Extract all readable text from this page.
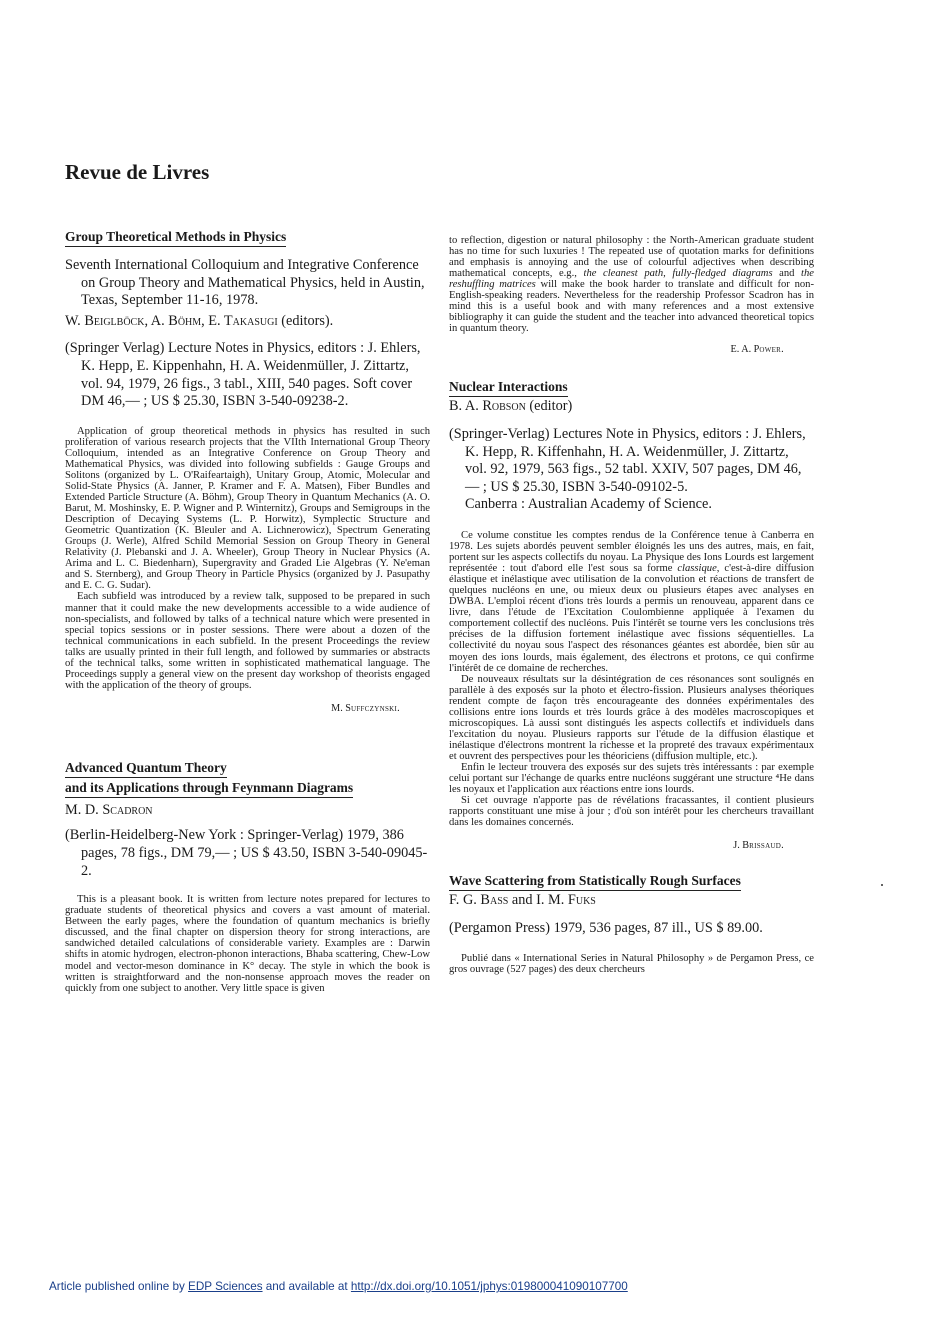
Revue de Livres
Group Theoretical Methods in Physics

Seventh International Colloquium and Integrative Conference on Group Theory and Mathematical Physics, held in Austin, Texas, September 11-16, 1978.

W. Beiglböck, A. Böhm, E. Takasugi (editors).

(Springer Verlag) Lecture Notes in Physics, editors : J. Ehlers, K. Hepp, E. Kippenhahn, H. A. Weidenmüller, J. Zittartz, vol. 94, 1979, 26 figs., 3 tabl., XIII, 540 pages. Soft cover DM 46,— ; US $ 25.30, ISBN 3-540-09238-2.

Application of group theoretical methods in physics has resulted in such proliferation of various research projects that the VIIth International Group Theory Colloquium, intended as an Integrative Conference on Group Theory and Mathematical Physics, was divided into following subfields : Gauge Groups and Solitons (organized by L. O'Raifeartaigh), Unitary Group, Atomic, Molecular and Solid-State Physics (A. Janner, P. Kramer and F. A. Matsen), Fiber Bundles and Extended Particle Structure (A. Böhm), Group Theory in Quantum Mechanics (A. O. Barut, M. Moshinsky, E. P. Wigner and P. Winternitz), Groups and Semigroups in the Description of Decaying Systems (L. P. Horwitz), Symplectic Structure and Geometric Quantization (K. Bleuler and A. Lichnerowicz), Spectrum Generating Groups (J. Werle), Alfred Schild Memorial Session on Group Theory in General Relativity (J. Plebanski and J. A. Wheeler), Group Theory in Nuclear Physics (A. Arima and L. C. Biedenharn), Supergravity and Graded Lie Algebras (Y. Ne'eman and S. Sternberg), and Group Theory in Particle Physics (organized by J. Pasupathy and E. C. G. Sudar).

Each subfield was introduced by a review talk, supposed to be prepared in such manner that it could make the new developments accessible to a wide audience of non-specialists, and followed by talks of a technical nature which were presented in special topics sessions or in poster sessions. There were about a dozen of the technical communications in each subfield. In the present Proceedings the review talks are usually printed in their full length, and followed by summaries or abstracts of the technical talks, some written in sophisticated mathematical language. The Proceedings supply a general view on the present day workshop of theorists engaged with the application of the theory of groups.

M. Suffczynski.

Advanced Quantum Theory
and its Applications through Feynmann Diagrams

M. D. Scadron

(Berlin-Heidelberg-New York : Springer-Verlag) 1979, 386 pages, 78 figs., DM 79,— ; US $ 43.50, ISBN 3-540-09045-2.

This is a pleasant book. It is written from lecture notes prepared for lectures to graduate students of theoretical physics and covers a vast amount of material. Between the early pages, where the foundation of quantum mechanics is briefly discussed, and the final chapter on dispersion theory for strong interactions, are sandwiched detailed calculations of considerable variety. Examples are : Darwin shifts in atomic hydrogen, electron-phonon interactions, Bhaba scattering, Chew-Low model and vector-meson dominance in K° decay. The style in which the book is written is straightforward and the non-nonsense approach moves the reader on quickly from one subject to another. Very little space is given

to reflection, digestion or natural philosophy : the North-American graduate student has no time for such luxuries ! The repeated use of quotation marks for definitions and emphasis is annoying and the use of colourful adjectives when describing mathematical concepts, e.g., the cleanest path, fully-fledged diagrams and the reshuffling matrices will make the book harder to translate and difficult for non-English-speaking readers. Nevertheless for the readership Professor Scadron has in mind this is a useful book and with many references and a most extensive bibliography it can guide the student and the teacher into advanced theoretical topics in quantum theory.

E. A. Power.

Nuclear Interactions

B. A. Robson (editor)

(Springer-Verlag) Lectures Note in Physics, editors : J. Ehlers, K. Hepp, R. Kiffenhahn, H. A. Weidenmüller, J. Zittartz, vol. 92, 1979, 563 figs., 52 tabl. XXIV, 507 pages, DM 46,— ; US $ 25.30, ISBN 3-540-09102-5.

Canberra : Australian Academy of Science.

Ce volume constitue les comptes rendus de la Conférence tenue à Canberra en 1978. Les sujets abordés peuvent sembler éloignés les uns des autres, mais, en fait, portent sur les aspects collectifs du noyau. La Physique des Ions Lourds est largement représentée : tout d'abord elle l'est sous sa forme classique, c'est-à-dire diffusion élastique et inélastique avec utilisation de la convolution et réactions de transfert de quelques nucléons en une, ou mieux deux ou plusieurs étapes avec analyses en DWBA. L'emploi récent d'ions très lourds a permis un renouveau, apparent dans ce livre, dans l'étude de l'Excitation Coulombienne appliquée à l'examen du comportement collectif des nucléons. Puis l'intérêt se tourne vers les conclusions très précises de la diffusion fortement inélastique avec fissions séquentielles. La collectivité du noyau sous l'aspect des résonances géantes est abordée, bien sûr au moyen des ions lourds, mais également, des électrons et protons, ce qui confirme l'intérêt de ce domaine de recherches.

De nouveaux résultats sur la désintégration de ces résonances sont soulignés en parallèle à des exposés sur la photo et électro-fission. Plusieurs analyses théoriques rendent compte de façon très encourageante des données expérimentales des collisions entre ions lourds et très lourds grâce à des modèles macroscopiques et microscopiques. Là aussi sont distingués les aspects collectifs et individuels dans l'excitation du noyau. Plusieurs rapports sur l'étude de la diffusion élastique et inélastique d'électrons montrent la richesse et la propreté des travaux expérimentaux et ouvrent des perspectives pour les théoriciens (diffusion multiple, etc.).

Enfin le lecteur trouvera des exposés sur des sujets très intéressants : par exemple celui portant sur l'échange de quarks entre nucléons suggérant une structure ⁴He dans les noyaux et l'application aux réactions entre ions lourds.

Si cet ouvrage n'apporte pas de révélations fracassantes, il contient plusieurs rapports constituant une mise à jour ; d'où son intérêt pour les chercheurs travaillant dans les domaines concernés.

J. Brissaud.

Wave Scattering from Statistically Rough Surfaces

F. G. Bass and I. M. Fuks

(Pergamon Press) 1979, 536 pages, 87 ill., US $ 89.00.

Publié dans « International Series in Natural Philosophy » de Pergamon Press, ce gros ouvrage (527 pages) des deux chercheurs

Article published online by EDP Sciences and available at http://dx.doi.org/10.1051/jphys:019800041090107700
